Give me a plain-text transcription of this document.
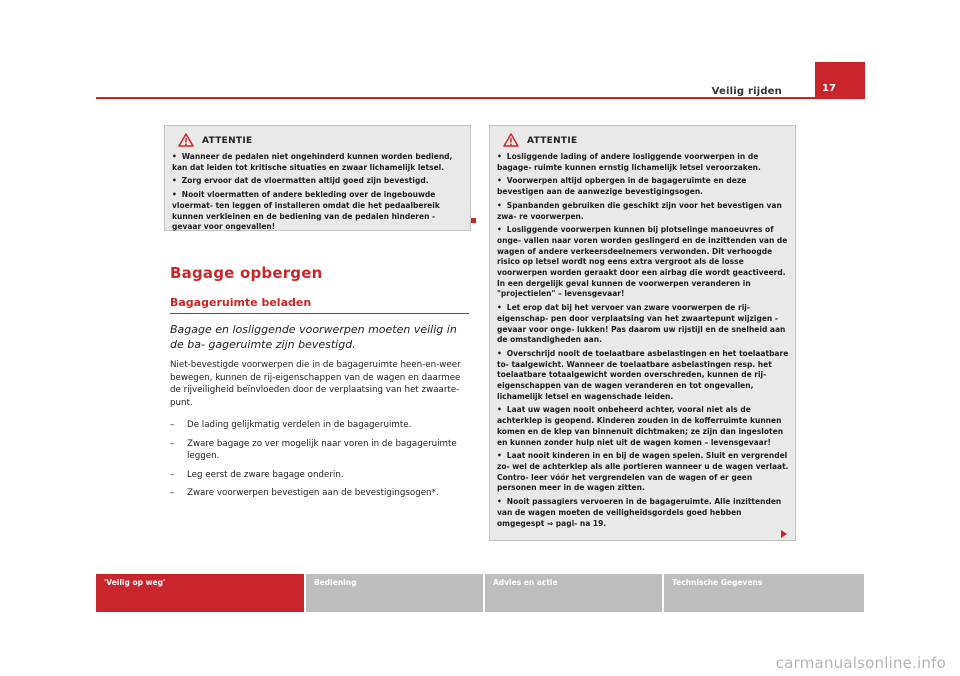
Veilig rijden	17
ATTENTIE
• Wanneer de pedalen niet ongehinderd kunnen worden bediend, kan dat leiden tot kritische situaties en zwaar lichamelijk letsel.
• Zorg ervoor dat de vloermatten altijd goed zijn bevestigd.
• Nooit vloermatten of andere bekleding over de ingebouwde vloermat- ten leggen of installeren omdat die het pedaalbereik kunnen verkleinen en de bediening van de pedalen hinderen - gevaar voor ongevallen!
Bagage opbergen
Bagageruimte beladen
Bagage en losliggende voorwerpen moeten veilig in de ba- gageruimte zijn bevestigd.
Niet-bevestigde voorwerpen die in de bagageruimte heen-en-weer bewegen, kunnen de rij-eigenschappen van de wagen en daarmee de rijveiligheid beïnvloeden door de verplaatsing van het zwaarte- punt.
– De lading gelijkmatig verdelen in de bagageruimte.
– Zware bagage zo ver mogelijk naar voren in de bagageruimte leggen.
– Leg eerst de zware bagage onderin.
– Zware voorwerpen bevestigen aan de bevestigingsogen*.
ATTENTIE
• Losliggende lading of andere losliggende voorwerpen in de bagage- ruimte kunnen ernstig lichamelijk letsel veroorzaken.
• Voorwerpen altijd opbergen in de bagageruimte en deze bevestigen aan de aanwezige bevestigingsogen.
• Spanbanden gebruiken die geschikt zijn voor het bevestigen van zwa- re voorwerpen.
• Losliggende voorwerpen kunnen bij plotselinge manoeuvres of onge- vallen naar voren worden geslingerd en de inzittenden van de wagen of andere verkeersdeelnemers verwonden. Dit verhoogde risico op letsel wordt nog eens extra vergroot als de losse voorwerpen worden geraakt door een airbag die wordt geactiveerd. In een dergelijk geval kunnen de voorwerpen veranderen in "projectielen" – levensgevaar!
• Let erop dat bij het vervoer van zware voorwerpen de rij-eigenschap- pen door verplaatsing van het zwaartepunt wijzigen - gevaar voor onge- lukken! Pas daarom uw rijstijl en de snelheid aan de omstandigheden aan.
• Overschrijd nooit de toelaatbare asbelastingen en het toelaatbare to- taalgewicht. Wanneer de toelaatbare asbelastingen resp. het toelaatbare totaalgewicht worden overschreden, kunnen de rij-eigenschappen van de wagen veranderen en tot ongevallen, lichamelijk letsel en wagenschade leiden.
• Laat uw wagen nooit onbeheerd achter, vooral niet als de achterklep is geopend. Kinderen zouden in de kofferruimte kunnen komen en de klep van binnenuit dichtmaken; ze zijn dan ingesloten en kunnen zonder hulp niet uit de wagen komen – levensgevaar!
• Laat nooit kinderen in en bij de wagen spelen. Sluit en vergrendel zo- wel de achterklep als alle portieren wanneer u de wagen verlaat. Contro- leer vóór het vergrendelen van de wagen of er geen personen meer in de wagen zitten.
• Nooit passagiers vervoeren in de bagageruimte. Alle inzittenden van de wagen moeten de veiligheidsgordels goed hebben omgegespt ⇒ pagi- na 19.
'Veilig op weg'	Bediening	Advies en actie	Technische Gegevens
carmanualsonline.info
